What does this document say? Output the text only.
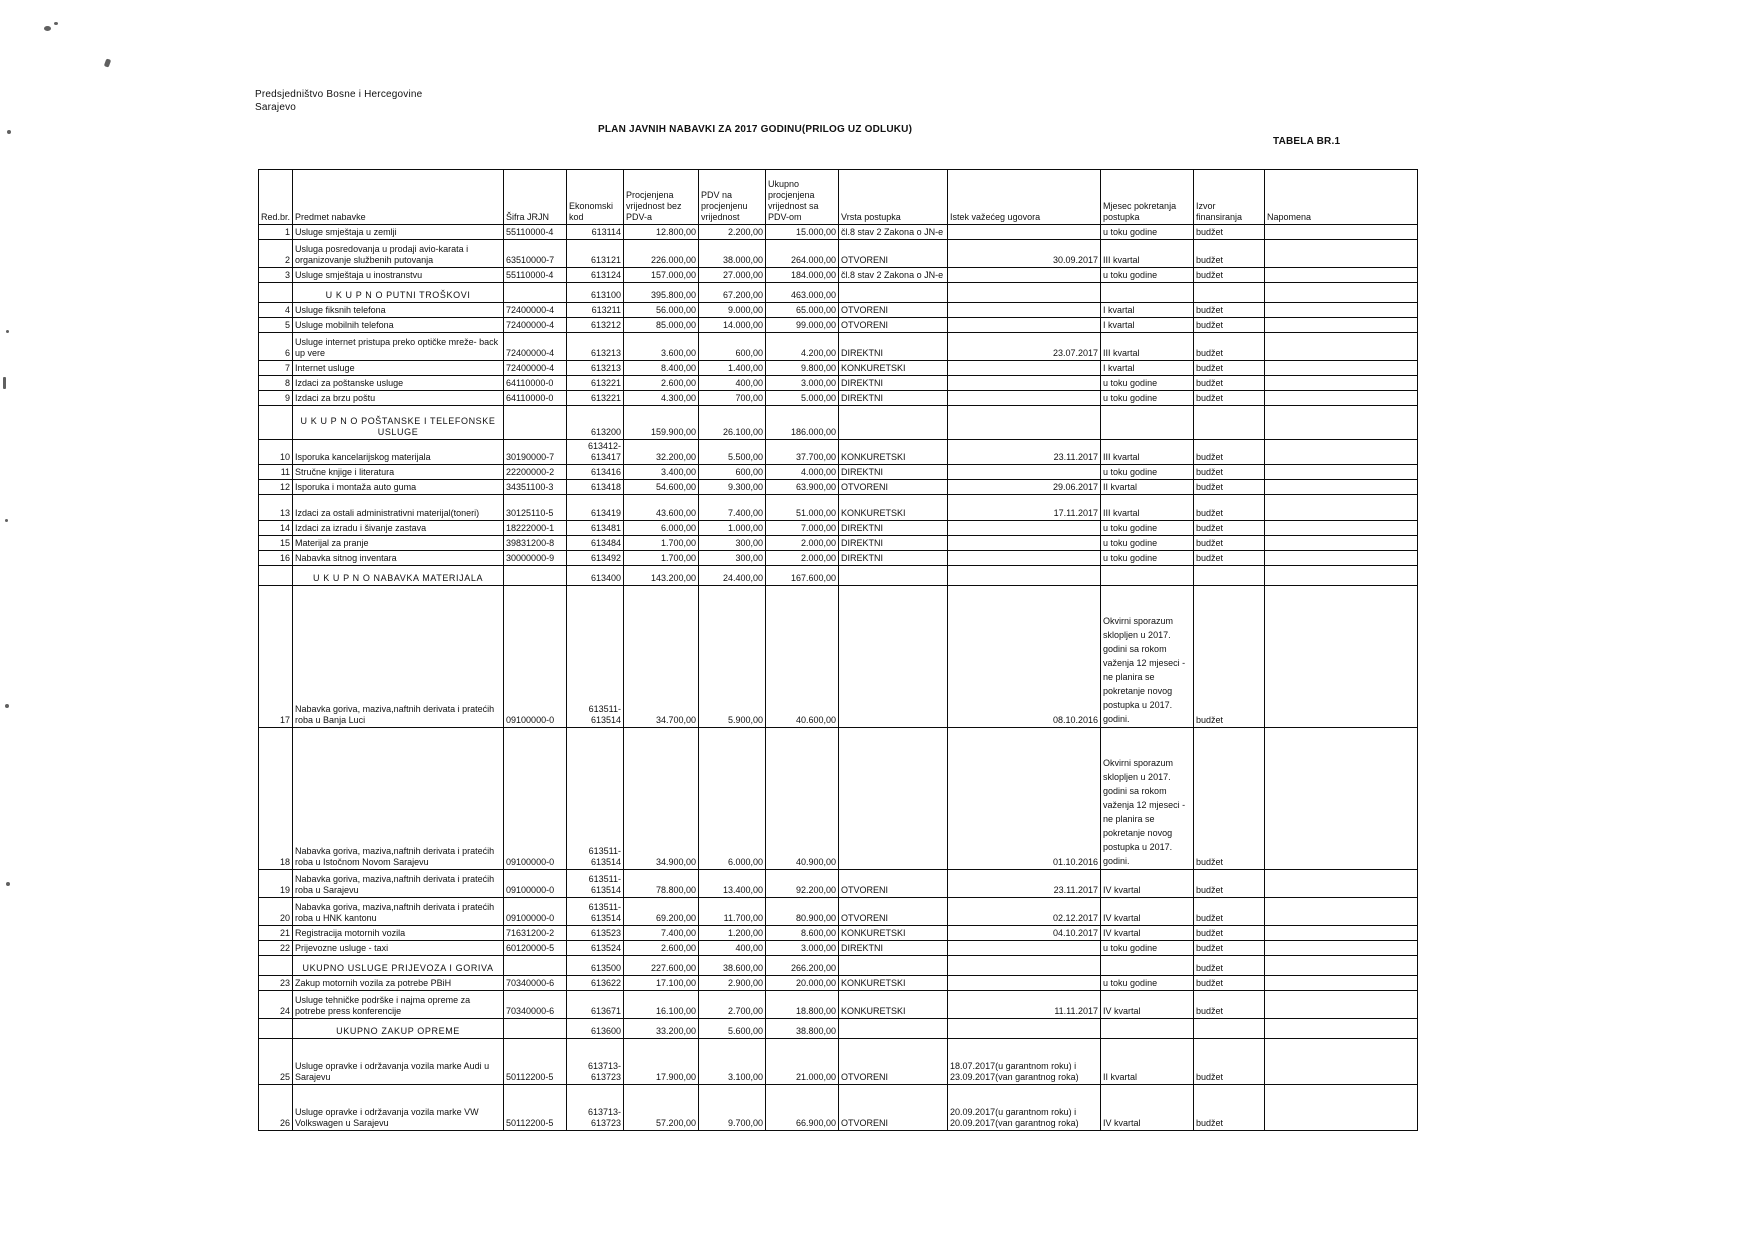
Predsjedništvo Bosne i Hercegovine
Sarajevo
PLAN JAVNIH NABAVKI ZA 2017 GODINU(PRILOG UZ ODLUKU)
TABELA BR.1
Red.br.	Predmet nabavke	Šifra JRJN	Ekonomski kod	Procjenjena vrijednost bez PDV-a	PDV na procjenjenu vrijednost	Ukupno procjenjena vrijednost sa PDV-om	Vrsta postupka	Istek važećeg ugovora	Mjesec pokretanja postupka	Izvor finansiranja	Napomena
1	Usluge smještaja u zemlji	55110000-4	613114	12.800,00	2.200,00	15.000,00	čl.8 stav 2 Zakona o JN-e		u toku godine	budžet	
2	Usluga posredovanja u prodaji avio-karata i organizovanje službenih putovanja	63510000-7	613121	226.000,00	38.000,00	264.000,00	OTVORENI	30.09.2017	III kvartal	budžet	
3	Usluge smještaja u inostranstvu	55110000-4	613124	157.000,00	27.000,00	184.000,00	čl.8 stav 2 Zakona o JN-e		u toku godine	budžet	
	U K U P N O PUTNI TROŠKOVI		613100	395.800,00	67.200,00	463.000,00					
4	Usluge fiksnih telefona	72400000-4	613211	56.000,00	9.000,00	65.000,00	OTVORENI		I kvartal	budžet	
5	Usluge mobilnih telefona	72400000-4	613212	85.000,00	14.000,00	99.000,00	OTVORENI		I kvartal	budžet	
6	Usluge internet pristupa preko optičke mreže- back up vere	72400000-4	613213	3.600,00	600,00	4.200,00	DIREKTNI	23.07.2017	III kvartal	budžet	
7	Internet usluge	72400000-4	613213	8.400,00	1.400,00	9.800,00	KONKURETSKI		I kvartal	budžet	
8	Izdaci za poštanske usluge	64110000-0	613221	2.600,00	400,00	3.000,00	DIREKTNI		u toku godine	budžet	
9	Izdaci za brzu poštu	64110000-0	613221	4.300,00	700,00	5.000,00	DIREKTNI		u toku godine	budžet	
	U K U P N O POŠTANSKE I TELEFONSKE USLUGE		613200	159.900,00	26.100,00	186.000,00					
10	Isporuka kancelarijskog materijala	30190000-7	613412-
613417	32.200,00	5.500,00	37.700,00	KONKURETSKI	23.11.2017	III kvartal	budžet	
11	Stručne knjige i literatura	22200000-2	613416	3.400,00	600,00	4.000,00	DIREKTNI		u toku godine	budžet	
12	Isporuka i montaža auto guma	34351100-3	613418	54.600,00	9.300,00	63.900,00	OTVORENI	29.06.2017	II kvartal	budžet	
13	Izdaci za ostali administrativni materijal(toneri)	30125110-5	613419	43.600,00	7.400,00	51.000,00	KONKURETSKI	17.11.2017	III kvartal	budžet	
14	Izdaci za izradu i šivanje zastava	18222000-1	613481	6.000,00	1.000,00	7.000,00	DIREKTNI		u toku godine	budžet	
15	Materijal za pranje	39831200-8	613484	1.700,00	300,00	2.000,00	DIREKTNI		u toku godine	budžet	
16	Nabavka sitnog inventara	30000000-9	613492	1.700,00	300,00	2.000,00	DIREKTNI		u toku godine	budžet	
	U K U P N O NABAVKA MATERIJALA		613400	143.200,00	24.400,00	167.600,00					
17	Nabavka goriva, maziva,naftnih derivata i pratećih roba u Banja Luci	09100000-0	613511-
613514	34.700,00	5.900,00	40.600,00		08.10.2016	Okvirni sporazum sklopljen u 2017. godini sa rokom važenja 12 mjeseci - ne planira se pokretanje novog postupka u 2017. godini.	budžet	
18	Nabavka goriva, maziva,naftnih derivata i pratećih roba u Istočnom Novom Sarajevu	09100000-0	613511-
613514	34.900,00	6.000,00	40.900,00		01.10.2016	Okvirni sporazum sklopljen u 2017. godini sa rokom važenja 12 mjeseci - ne planira se pokretanje novog postupka u 2017. godini.	budžet	
19	Nabavka goriva, maziva,naftnih derivata i pratećih roba u Sarajevu	09100000-0	613511-
613514	78.800,00	13.400,00	92.200,00	OTVORENI	23.11.2017	IV kvartal	budžet	
20	Nabavka goriva, maziva,naftnih derivata i pratećih roba u HNK kantonu	09100000-0	613511-
613514	69.200,00	11.700,00	80.900,00	OTVORENI	02.12.2017	IV kvartal	budžet	
21	Registracija motornih vozila	71631200-2	613523	7.400,00	1.200,00	8.600,00	KONKURETSKI	04.10.2017	IV kvartal	budžet	
22	Prijevozne usluge - taxi	60120000-5	613524	2.600,00	400,00	3.000,00	DIREKTNI		u toku godine	budžet	
	UKUPNO USLUGE PRIJEVOZA I GORIVA		613500	227.600,00	38.600,00	266.200,00				budžet	
23	Zakup motornih vozila za potrebe PBiH	70340000-6	613622	17.100,00	2.900,00	20.000,00	KONKURETSKI		u toku godine	budžet	
24	Usluge tehničke podrške i najma opreme za potrebe press konferencije	70340000-6	613671	16.100,00	2.700,00	18.800,00	KONKURETSKI	11.11.2017	IV kvartal	budžet	
	UKUPNO ZAKUP OPREME		613600	33.200,00	5.600,00	38.800,00					
25	Usluge opravke i održavanja vozila marke Audi u Sarajevu	50112200-5	613713-
613723	17.900,00	3.100,00	21.000,00	OTVORENI	18.07.2017(u garantnom roku) i 23.09.2017(van garantnog roka)	II kvartal	budžet	
26	Usluge opravke i održavanja vozila marke VW Volkswagen u Sarajevu	50112200-5	613713-
613723	57.200,00	9.700,00	66.900,00	OTVORENI	20.09.2017(u garantnom roku) i 20.09.2017(van garantnog roka)	IV kvartal	budžet	
